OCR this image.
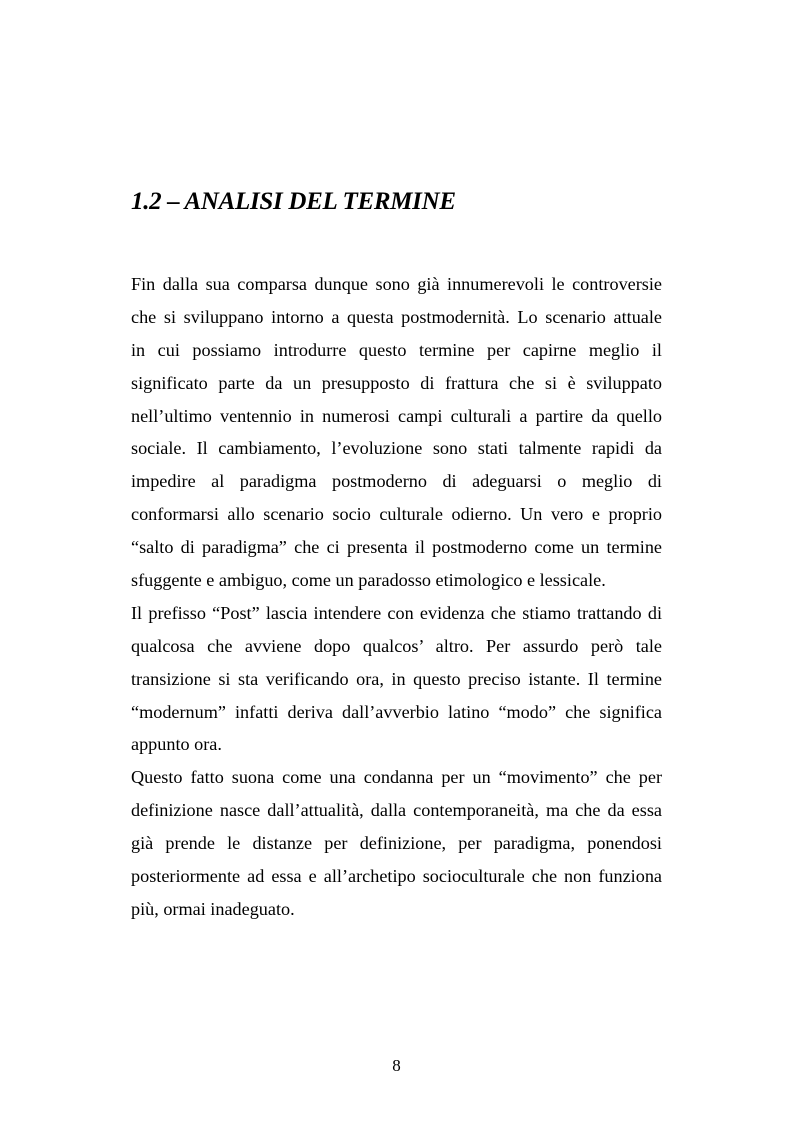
1.2 – ANALISI DEL TERMINE
Fin dalla sua comparsa dunque sono già innumerevoli le controversie
che si sviluppano intorno a questa postmodernità. Lo scenario attuale
in cui possiamo introdurre questo termine per capirne meglio il
significato parte da un presupposto di frattura che si è sviluppato
nell’ultimo ventennio in numerosi campi culturali a partire da quello
sociale. Il cambiamento, l’evoluzione sono stati talmente rapidi da
impedire al paradigma postmoderno di adeguarsi o meglio di
conformarsi allo scenario socio culturale odierno. Un vero e proprio
“salto di paradigma” che ci presenta il postmoderno come un termine
sfuggente e ambiguo, come un paradosso etimologico e lessicale.
Il prefisso “Post” lascia intendere con evidenza che stiamo trattando di
qualcosa che avviene dopo qualcos’ altro. Per assurdo però tale
transizione si sta verificando ora, in questo preciso istante. Il termine
“modernum” infatti deriva dall’avverbio latino “modo” che significa
appunto ora.
Questo fatto suona come una condanna per un “movimento” che per
definizione nasce dall’attualità, dalla contemporaneità, ma che da essa
già prende le distanze per definizione, per paradigma, ponendosi
posteriormente ad essa e all’archetipo socioculturale che non funziona
più, ormai inadeguato.
8
